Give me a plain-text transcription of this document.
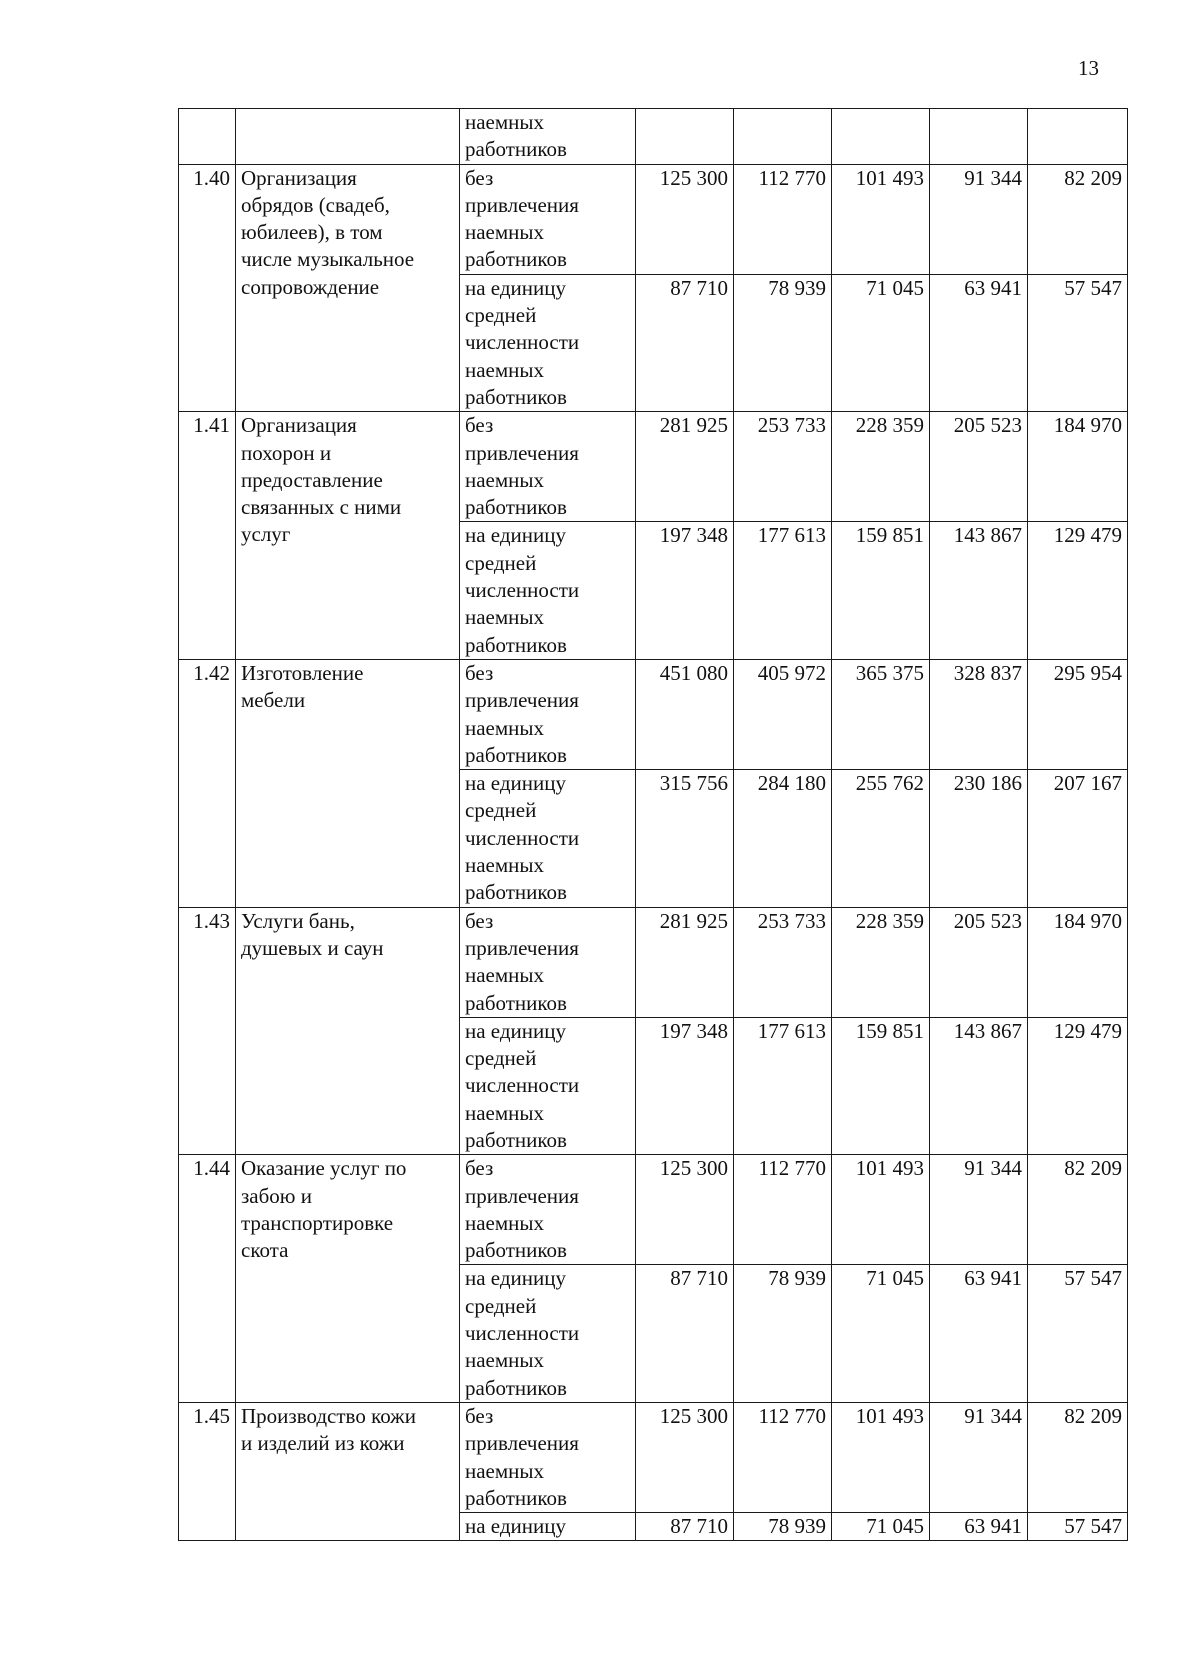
13

		наемных
работников					

1.40	Организация
обрядов (свадеб,
юбилеев), в том
числе музыкальное
сопровождение	без
привлечения
наемных
работников	125 300	112 770	101 493	91 344	82 209

		на единицу
средней
численности
наемных
работников	87 710	78 939	71 045	63 941	57 547
1.41	Организация
похорон и
предоставление
связанных с ними
услуг	без
привлечения
наемных
работников	281 925	253 733	228 359	205 523	184 970

		на единицу
средней
численности
наемных
работников	197 348	177 613	159 851	143 867	129 479
1.42	Изготовление
мебели	без
привлечения
наемных
работников	451 080	405 972	365 375	328 837	295 954

		на единицу
средней
численности
наемных
работников	315 756	284 180	255 762	230 186	207 167
1.43	Услуги бань,
душевых и саун	без
привлечения
наемных
работников	281 925	253 733	228 359	205 523	184 970

		на единицу
средней
численности
наемных
работников	197 348	177 613	159 851	143 867	129 479
1.44	Оказание услуг по
забою и
транспортировке
скота	без
привлечения
наемных
работников	125 300	112 770	101 493	91 344	82 209

		на единицу
средней
численности
наемных
работников	87 710	78 939	71 045	63 941	57 547
1.45	Производство кожи
и изделий из кожи	без
привлечения
наемных
работников	125 300	112 770	101 493	91 344	82 209

		на единицу	87 710	78 939	71 045	63 941	57 547
